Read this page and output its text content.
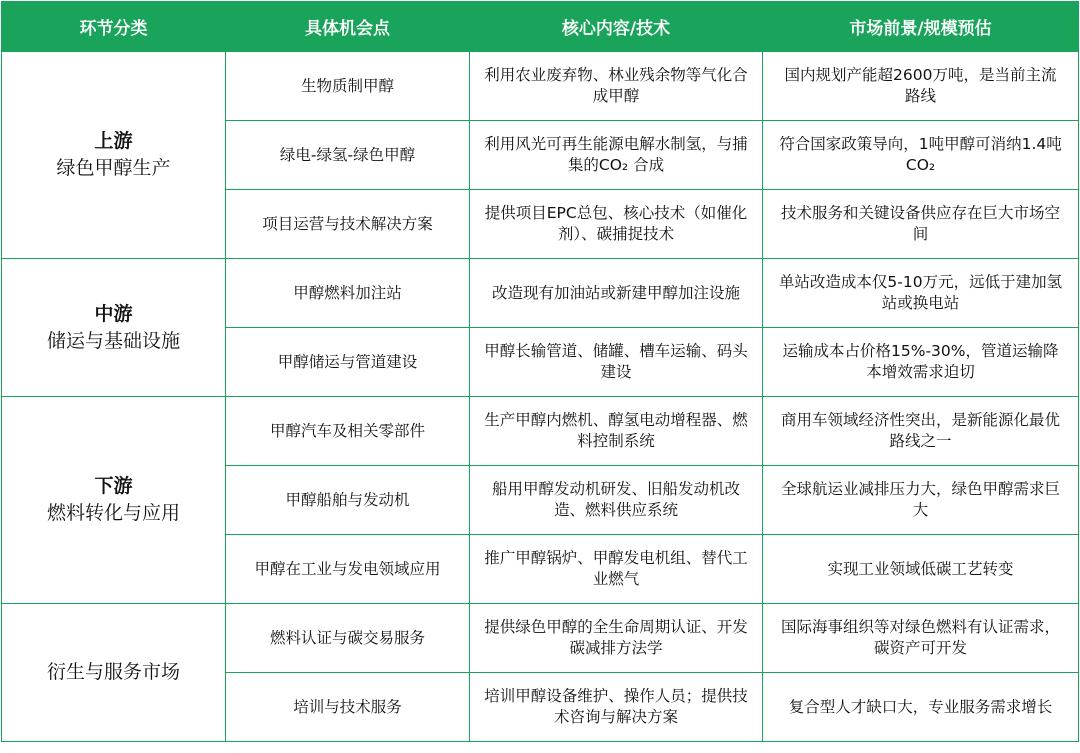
环节分类	具体机会点	核心内容/技术	市场前景/规模预估

上游
绿色甲醇生产	生物质制甲醇	利用农业废弃物、林业残余物等气化合成甲醇	国内规划产能超2600万吨，是当前主流路线
	绿电-绿氢-绿色甲醇	利用风光可再生能源电解水制氢，与捕集的CO₂ 合成	符合国家政策导向，1吨甲醇可消纳1.4吨CO₂
	项目运营与技术解决方案	提供项目EPC总包、核心技术（如催化剂）、碳捕捉技术	技术服务和关键设备供应存在巨大市场空间

中游
储运与基础设施	甲醇燃料加注站	改造现有加油站或新建甲醇加注设施	单站改造成本仅5-10万元，远低于建加氢站或换电站
	甲醇储运与管道建设	甲醇长输管道、储罐、槽车运输、码头建设	运输成本占价格15%-30%，管道运输降本增效需求迫切

下游
燃料转化与应用	甲醇汽车及相关零部件	生产甲醇内燃机、醇氢电动增程器、燃料控制系统	商用车领域经济性突出，是新能源化最优路线之一
	甲醇船舶与发动机	船用甲醇发动机研发、旧船发动机改造、燃料供应系统	全球航运业减排压力大，绿色甲醇需求巨大
	甲醇在工业与发电领域应用	推广甲醇锅炉、甲醇发电机组、替代工业燃气	实现工业领域低碳工艺转变

衍生与服务市场	燃料认证与碳交易服务	提供绿色甲醇的全生命周期认证、开发碳减排方法学	国际海事组织等对绿色燃料有认证需求，碳资产可开发
	培训与技术服务	培训甲醇设备维护、操作人员；提供技术咨询与解决方案	复合型人才缺口大，专业服务需求增长
